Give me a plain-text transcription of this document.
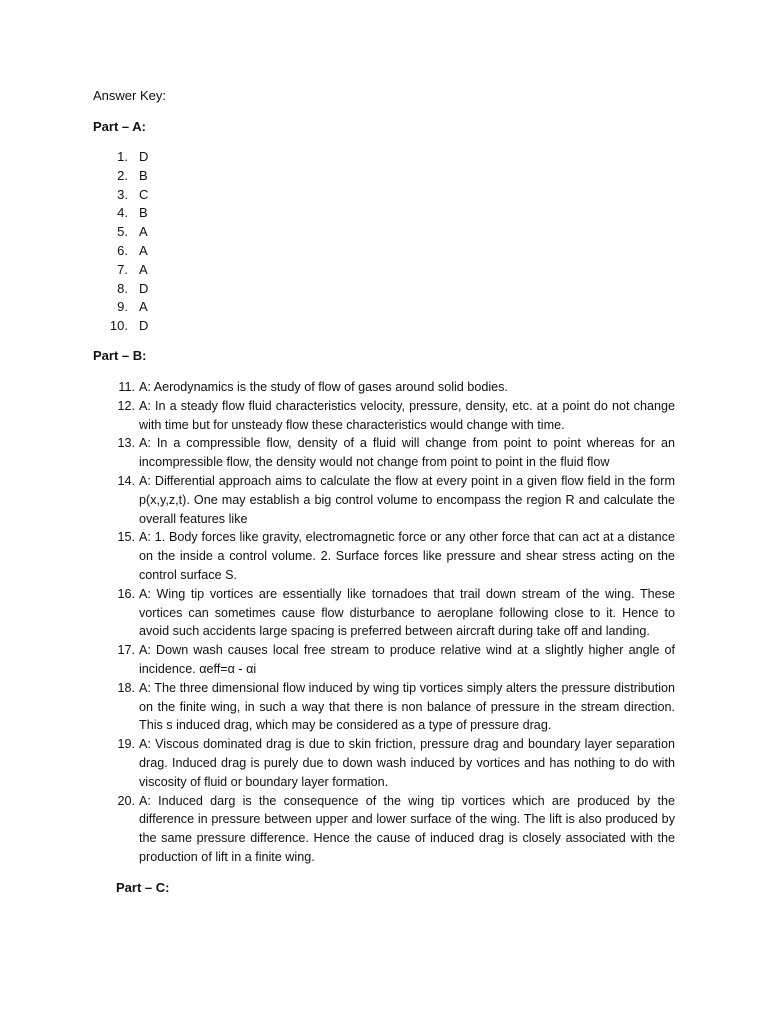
Answer Key:
Part – A:
1. D
2. B
3. C
4. B
5. A
6. A
7. A
8. D
9. A
10. D
Part – B:
11. A: Aerodynamics is the study of flow of gases around solid bodies.
12. A: In a steady flow fluid characteristics velocity, pressure, density, etc. at a point do not change with time but for unsteady flow these characteristics would change with time.
13. A: In a compressible flow, density of a fluid will change from point to point whereas for an incompressible flow, the density would not change from point to point in the fluid flow
14. A: Differential approach aims to calculate the flow at every point in a given flow field in the form p(x,y,z,t). One may establish a big control volume to encompass the region R and calculate the overall features like
15. A: 1. Body forces like gravity, electromagnetic force or any other force that can act at a distance on the inside a control volume. 2. Surface forces like pressure and shear stress acting on the control surface S.
16. A: Wing tip vortices are essentially like tornadoes that trail down stream of the wing. These vortices can sometimes cause flow disturbance to aeroplane following close to it. Hence to avoid such accidents large spacing is preferred between aircraft during take off and landing.
17. A: Down wash causes local free stream to produce relative wind at a slightly higher angle of incidence. αeff=α - αi
18. A: The three dimensional flow induced by wing tip vortices simply alters the pressure distribution on the finite wing, in such a way that there is non balance of pressure in the stream direction. This s induced drag, which may be considered as a type of pressure drag.
19. A: Viscous dominated drag is due to skin friction, pressure drag and boundary layer separation drag. Induced drag is purely due to down wash induced by vortices and has nothing to do with viscosity of fluid or boundary layer formation.
20. A: Induced darg is the consequence of the wing tip vortices which are produced by the difference in pressure between upper and lower surface of the wing. The lift is also produced by the same pressure difference. Hence the cause of induced drag is closely associated with the production of lift in a finite wing.
Part – C:
